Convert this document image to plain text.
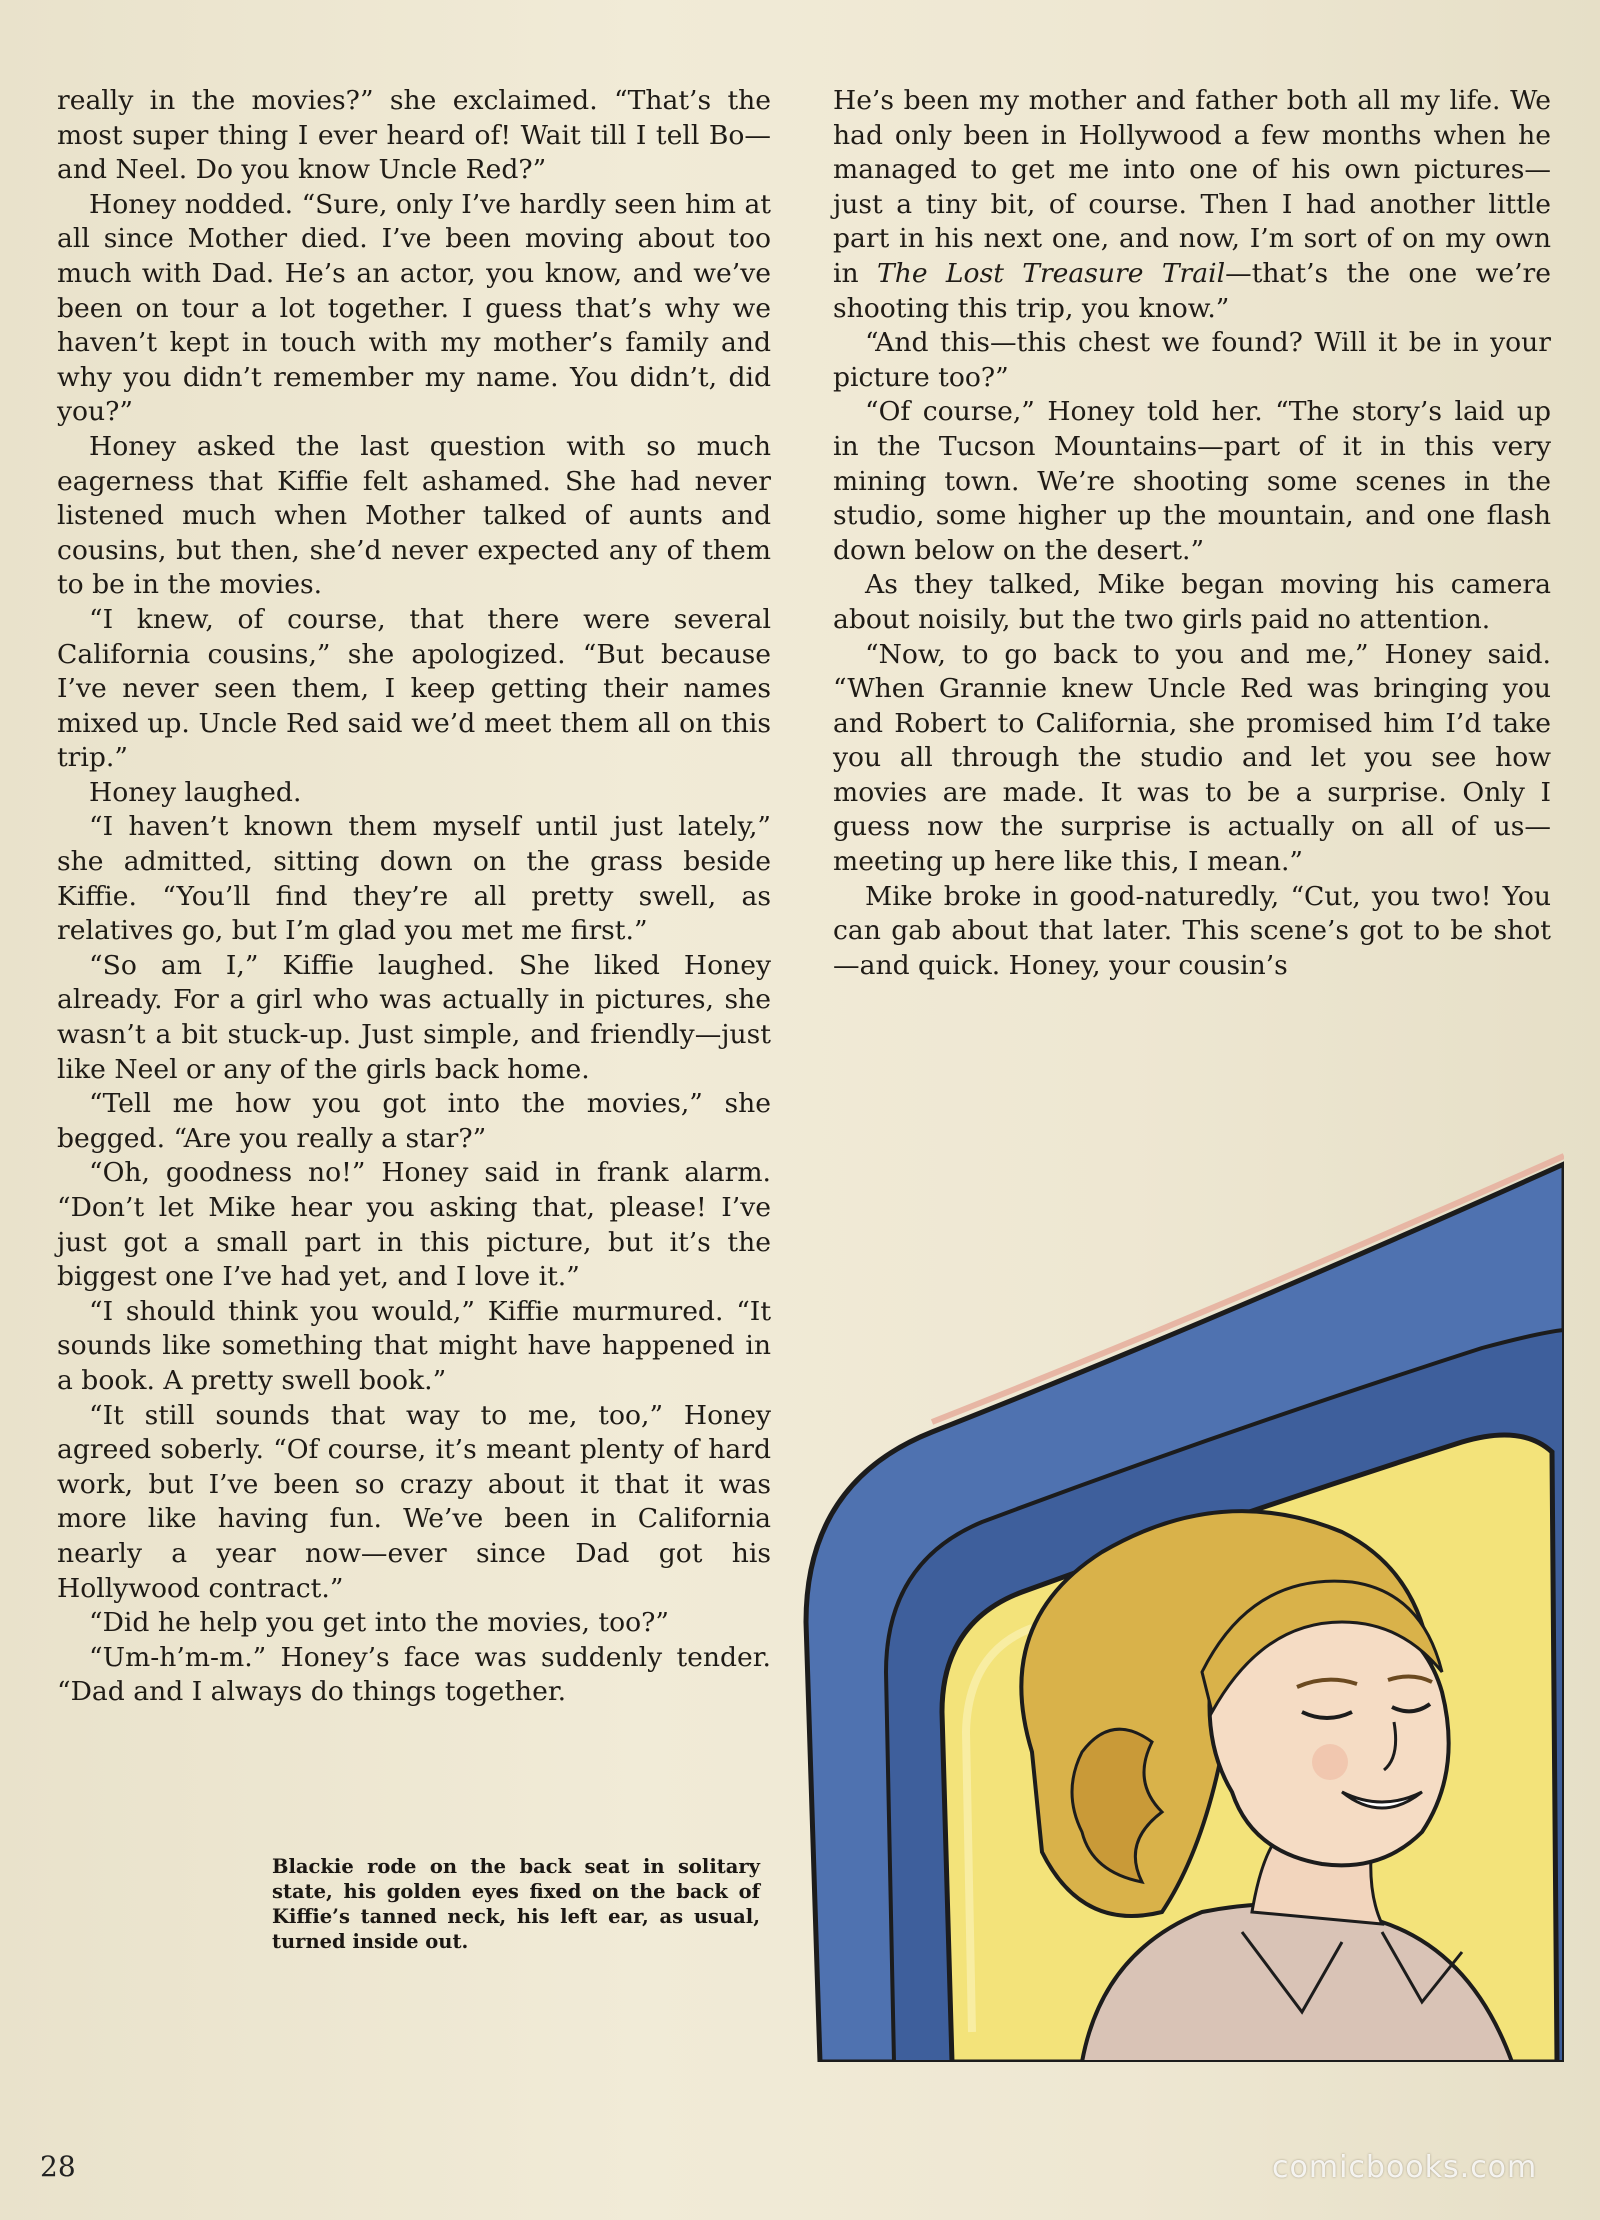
really in the movies?” she exclaimed. “That’s the most super thing I ever heard of! Wait till I tell Bo—and Neel. Do you know Uncle Red?”

Honey nodded. “Sure, only I’ve hardly seen him at all since Mother died. I’ve been moving about too much with Dad. He’s an actor, you know, and we’ve been on tour a lot together. I guess that’s why we haven’t kept in touch with my mother’s family and why you didn’t remember my name. You didn’t, did you?”

Honey asked the last question with so much eagerness that Kiffie felt ashamed. She had never listened much when Mother talked of aunts and cousins, but then, she’d never expected any of them to be in the movies.

“I knew, of course, that there were several California cousins,” she apologized. “But because I’ve never seen them, I keep getting their names mixed up. Uncle Red said we’d meet them all on this trip.”

Honey laughed.

“I haven’t known them myself until just lately,” she admitted, sitting down on the grass beside Kiffie. “You’ll find they’re all pretty swell, as relatives go, but I’m glad you met me first.”

“So am I,” Kiffie laughed. She liked Honey already. For a girl who was actually in pictures, she wasn’t a bit stuck-up. Just simple, and friendly—just like Neel or any of the girls back home.

“Tell me how you got into the movies,” she begged. “Are you really a star?”

“Oh, goodness no!” Honey said in frank alarm. “Don’t let Mike hear you asking that, please! I’ve just got a small part in this picture, but it’s the biggest one I’ve had yet, and I love it.”

“I should think you would,” Kiffie murmured. “It sounds like something that might have happened in a book. A pretty swell book.”

“It still sounds that way to me, too,” Honey agreed soberly. “Of course, it’s meant plenty of hard work, but I’ve been so crazy about it that it was more like having fun. We’ve been in California nearly a year now—ever since Dad got his Hollywood contract.”

“Did he help you get into the movies, too?”

“Um-h’m-m.” Honey’s face was suddenly tender. “Dad and I always do things together.

He’s been my mother and father both all my life. We had only been in Hollywood a few months when he managed to get me into one of his own pictures—just a tiny bit, of course. Then I had another little part in his next one, and now, I’m sort of on my own in The Lost Treasure Trail—that’s the one we’re shooting this trip, you know.”

“And this—this chest we found? Will it be in your picture too?”

“Of course,” Honey told her. “The story’s laid up in the Tucson Mountains—part of it in this very mining town. We’re shooting some scenes in the studio, some higher up the mountain, and one flash down below on the desert.”

As they talked, Mike began moving his camera about noisily, but the two girls paid no attention.

“Now, to go back to you and me,” Honey said. “When Grannie knew Uncle Red was bringing you and Robert to California, she promised him I’d take you all through the studio and let you see how movies are made. It was to be a surprise. Only I guess now the surprise is actually on all of us—meeting up here like this, I mean.”

Mike broke in good-naturedly, “Cut, you two! You can gab about that later. This scene’s got to be shot—and quick. Honey, your cousin’s

Blackie rode on the back seat in solitary state, his golden eyes fixed on the back of Kiffie’s tanned neck, his left ear, as usual, turned inside out.
28	comicbooks.com
